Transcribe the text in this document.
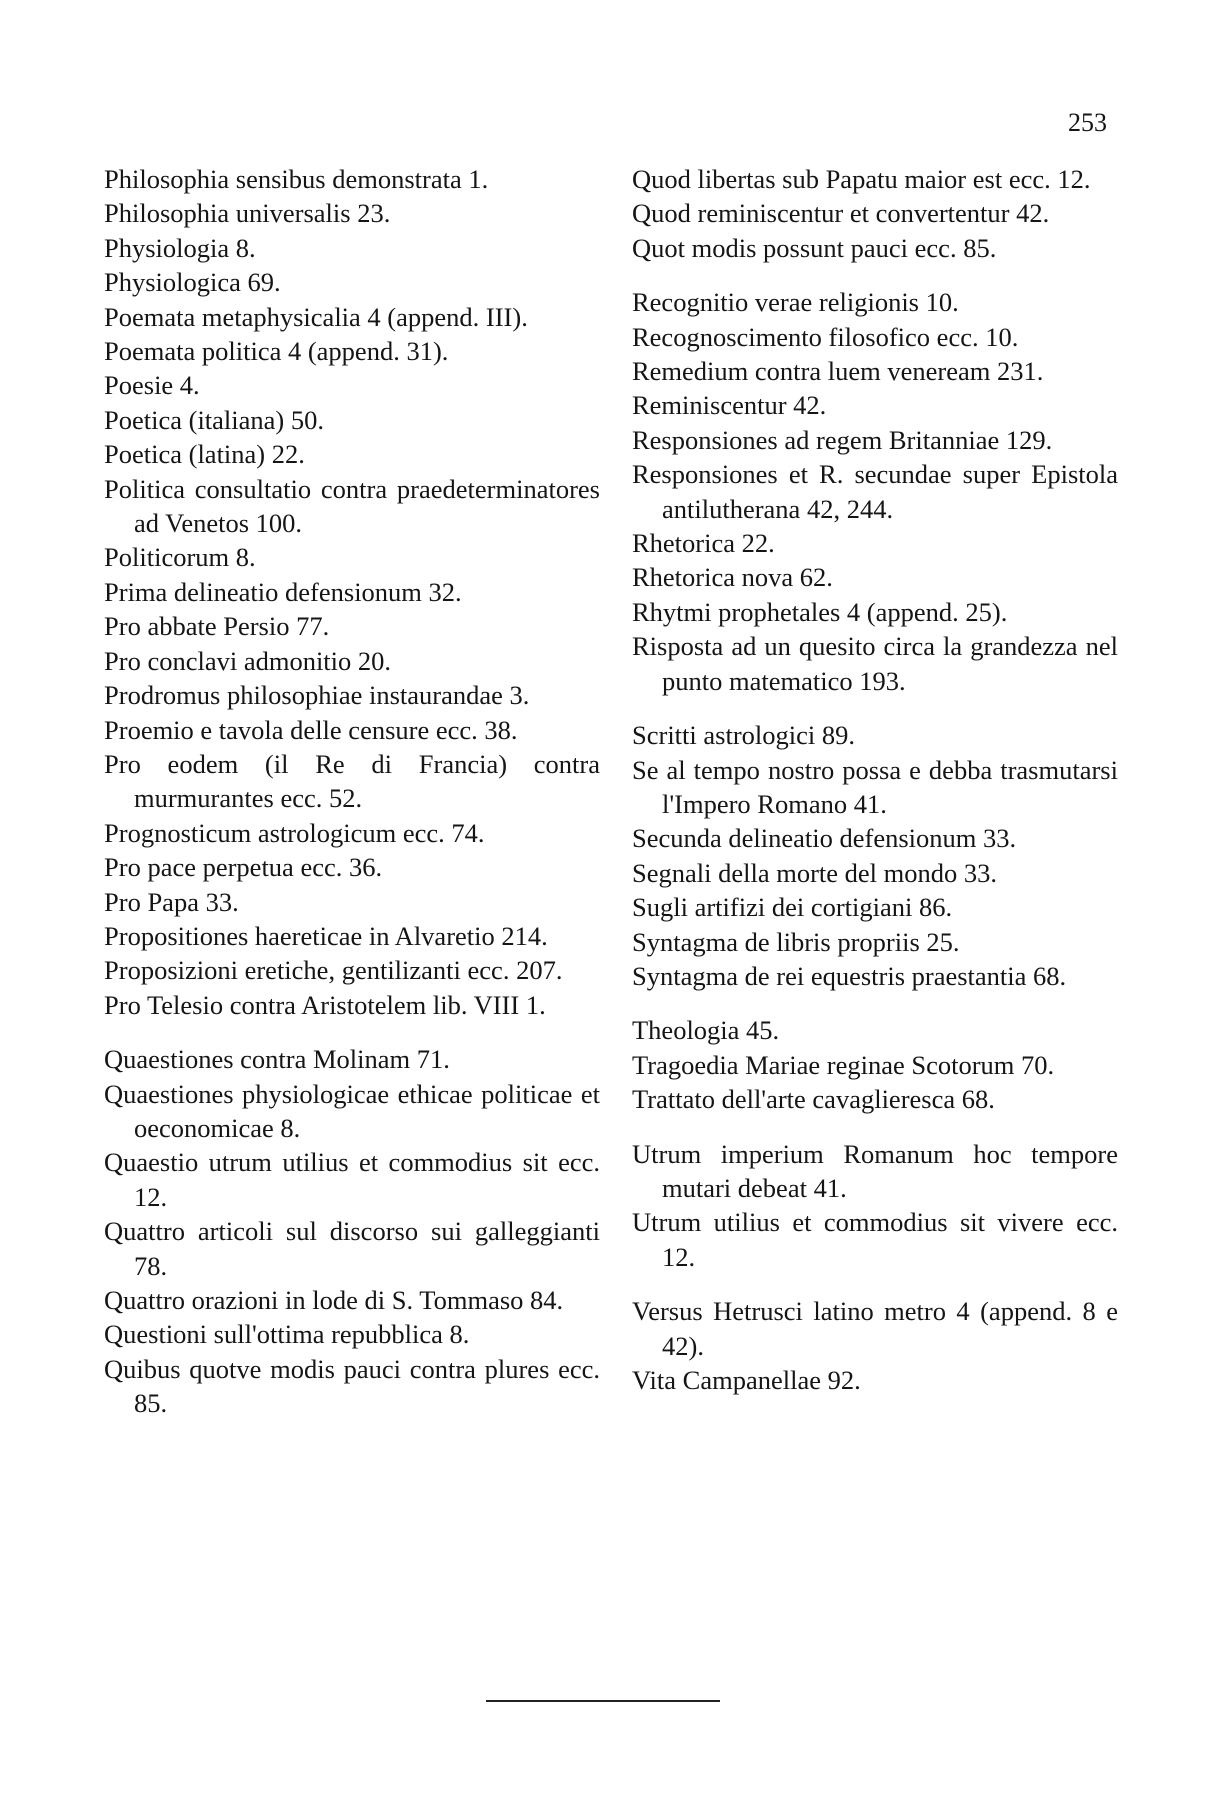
253

Philosophia sensibus demonstrata 1.

Philosophia universalis 23.

Physiologia 8.

Physiologica 69.

Poemata metaphysicalia 4 (append. III).

Poemata politica 4 (append. 31).

Poesie 4.

Poetica (italiana) 50.

Poetica (latina) 22.

Politica consultatio contra praedeterminatores ad Venetos 100.

Politicorum 8.

Prima delineatio defensionum 32.

Pro abbate Persio 77.

Pro conclavi admonitio 20.

Prodromus philosophiae instaurandae 3.

Proemio e tavola delle censure ecc. 38.

Pro eodem (il Re di Francia) contra murmurantes ecc. 52.

Prognosticum astrologicum ecc. 74.

Pro pace perpetua ecc. 36.

Pro Papa 33.

Propositiones haereticae in Alvaretio 214.

Proposizioni eretiche, gentilizanti ecc. 207.

Pro Telesio contra Aristotelem lib. VIII 1.

Quaestiones contra Molinam 71.

Quaestiones physiologicae ethicae politicae et oeconomicae 8.

Quaestio utrum utilius et commodius sit ecc. 12.

Quattro articoli sul discorso sui galleggianti 78.

Quattro orazioni in lode di S. Tommaso 84.

Questioni sull'ottima repubblica 8.

Quibus quotve modis pauci contra plures ecc. 85.

Quod libertas sub Papatu maior est ecc. 12.

Quod reminiscentur et convertentur 42.

Quot modis possunt pauci ecc. 85.

Recognitio verae religionis 10.

Recognoscimento filosofico ecc. 10.

Remedium contra luem veneream 231.

Reminiscentur 42.

Responsiones ad regem Britanniae 129.

Responsiones et R. secundae super Epistola antilutherana 42, 244.

Rhetorica 22.

Rhetorica nova 62.

Rhytmi prophetales 4 (append. 25).

Risposta ad un quesito circa la grandezza nel punto matematico 193.

Scritti astrologici 89.

Se al tempo nostro possa e debba trasmutarsi l'Impero Romano 41.

Secunda delineatio defensionum 33.

Segnali della morte del mondo 33.

Sugli artifizi dei cortigiani 86.

Syntagma de libris propriis 25.

Syntagma de rei equestris praestantia 68.

Theologia 45.

Tragoedia Mariae reginae Scotorum 70.

Trattato dell'arte cavaglieresca 68.

Utrum imperium Romanum hoc tempore mutari debeat 41.

Utrum utilius et commodius sit vivere ecc. 12.

Versus Hetrusci latino metro 4 (append. 8 e 42).

Vita Campanellae 92.
